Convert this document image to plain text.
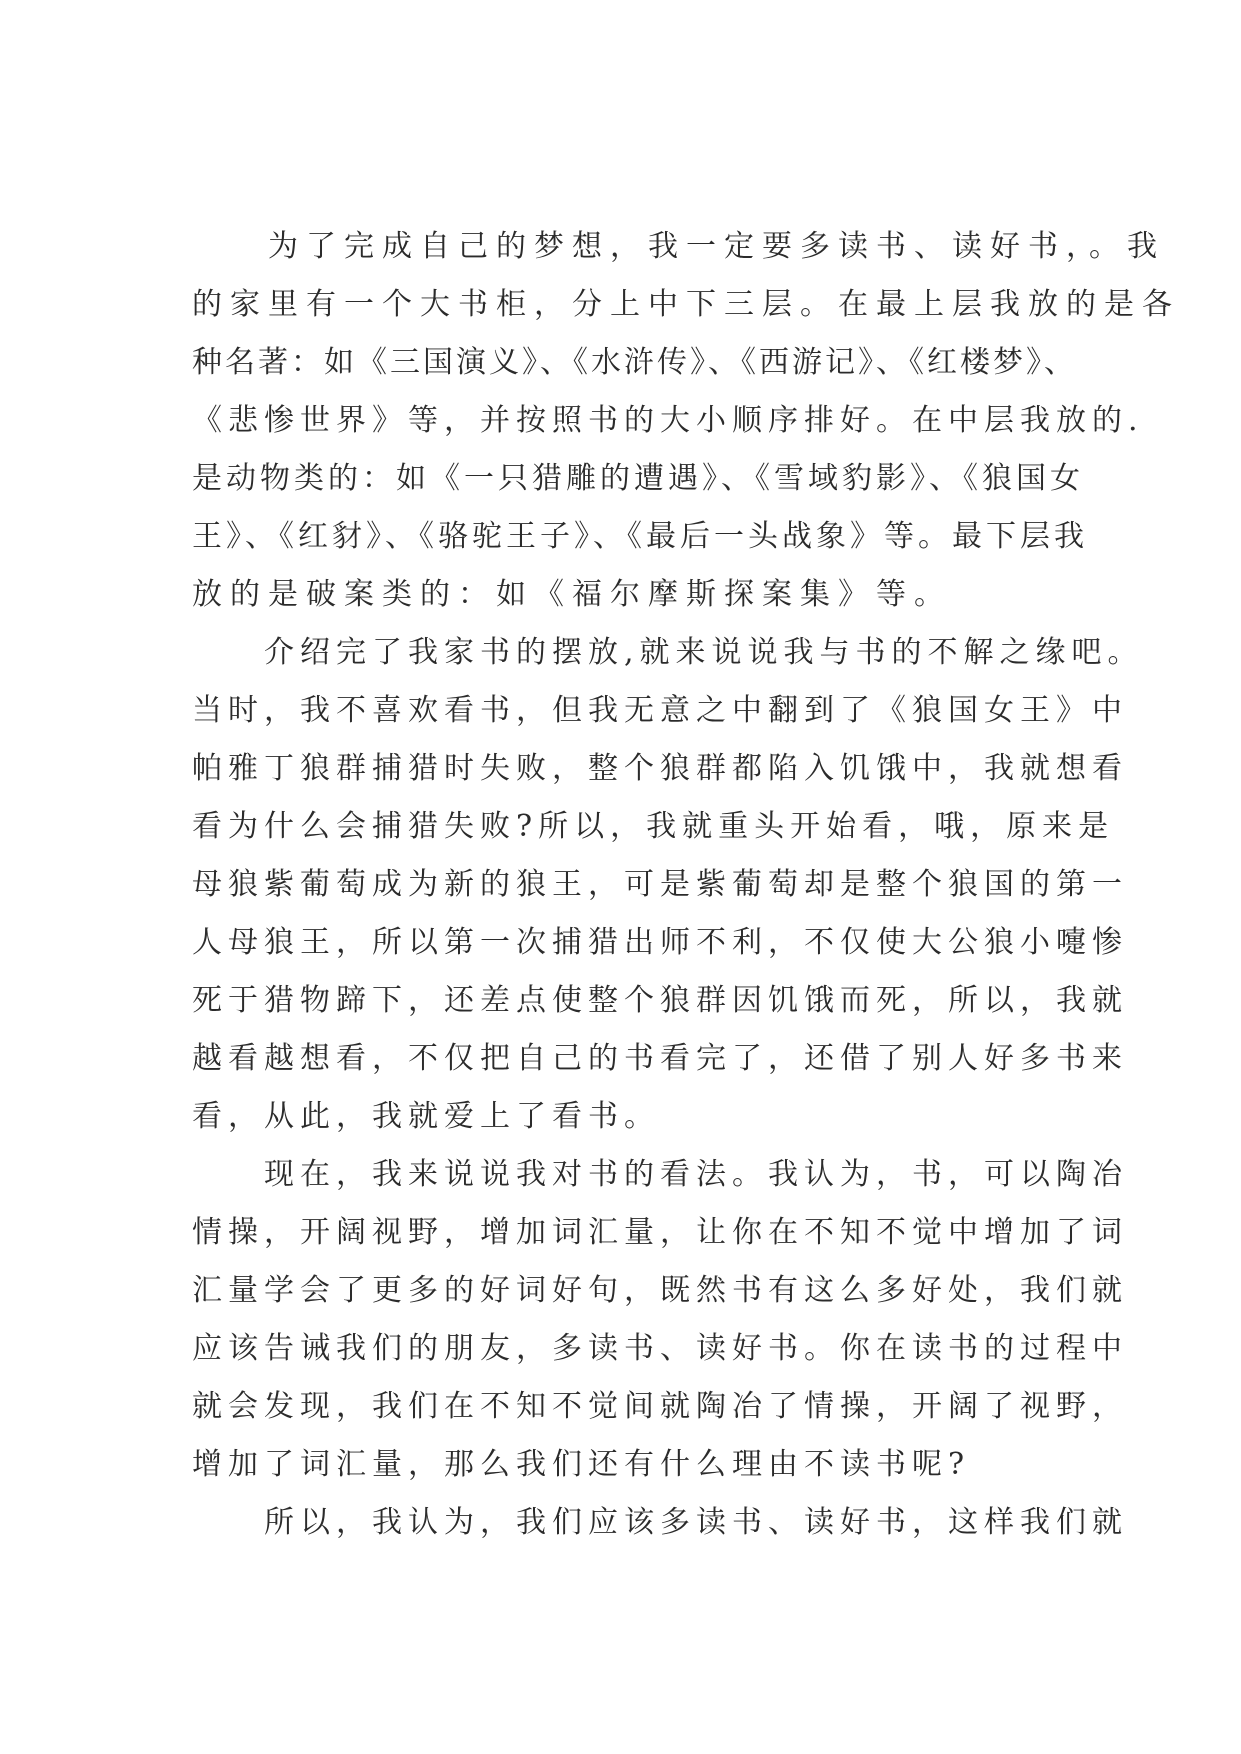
　　为了完成自己的梦想，我一定要多读书、读好书，。我
的家里有一个大书柜，分上中下三层。在最上层我放的是各
种名著：如《三国演义》、《水浒传》、《西游记》、《红楼梦》、
《悲惨世界》等，并按照书的大小顺序排好。在中层我放的.
是动物类的：如《一只猎雕的遭遇》、《雪域豹影》、《狼国女
王》、《红豺》、《骆驼王子》、《最后一头战象》等。最下层我
放的是破案类的：如《福尔摩斯探案集》等。
　　介绍完了我家书的摆放,就来说说我与书的不解之缘吧。
当时，我不喜欢看书，但我无意之中翻到了《狼国女王》中
帕雅丁狼群捕猎时失败，整个狼群都陷入饥饿中，我就想看
看为什么会捕猎失败?所以，我就重头开始看，哦，原来是
母狼紫葡萄成为新的狼王，可是紫葡萄却是整个狼国的第一
人母狼王，所以第一次捕猎出师不利，不仅使大公狼小嚏惨
死于猎物蹄下，还差点使整个狼群因饥饿而死，所以，我就
越看越想看，不仅把自己的书看完了，还借了别人好多书来
看，从此，我就爱上了看书。
　　现在，我来说说我对书的看法。我认为，书，可以陶冶
情操，开阔视野，增加词汇量，让你在不知不觉中增加了词
汇量学会了更多的好词好句，既然书有这么多好处，我们就
应该告诫我们的朋友，多读书、读好书。你在读书的过程中
就会发现，我们在不知不觉间就陶冶了情操，开阔了视野，
增加了词汇量，那么我们还有什么理由不读书呢?
　　所以，我认为，我们应该多读书、读好书，这样我们就
